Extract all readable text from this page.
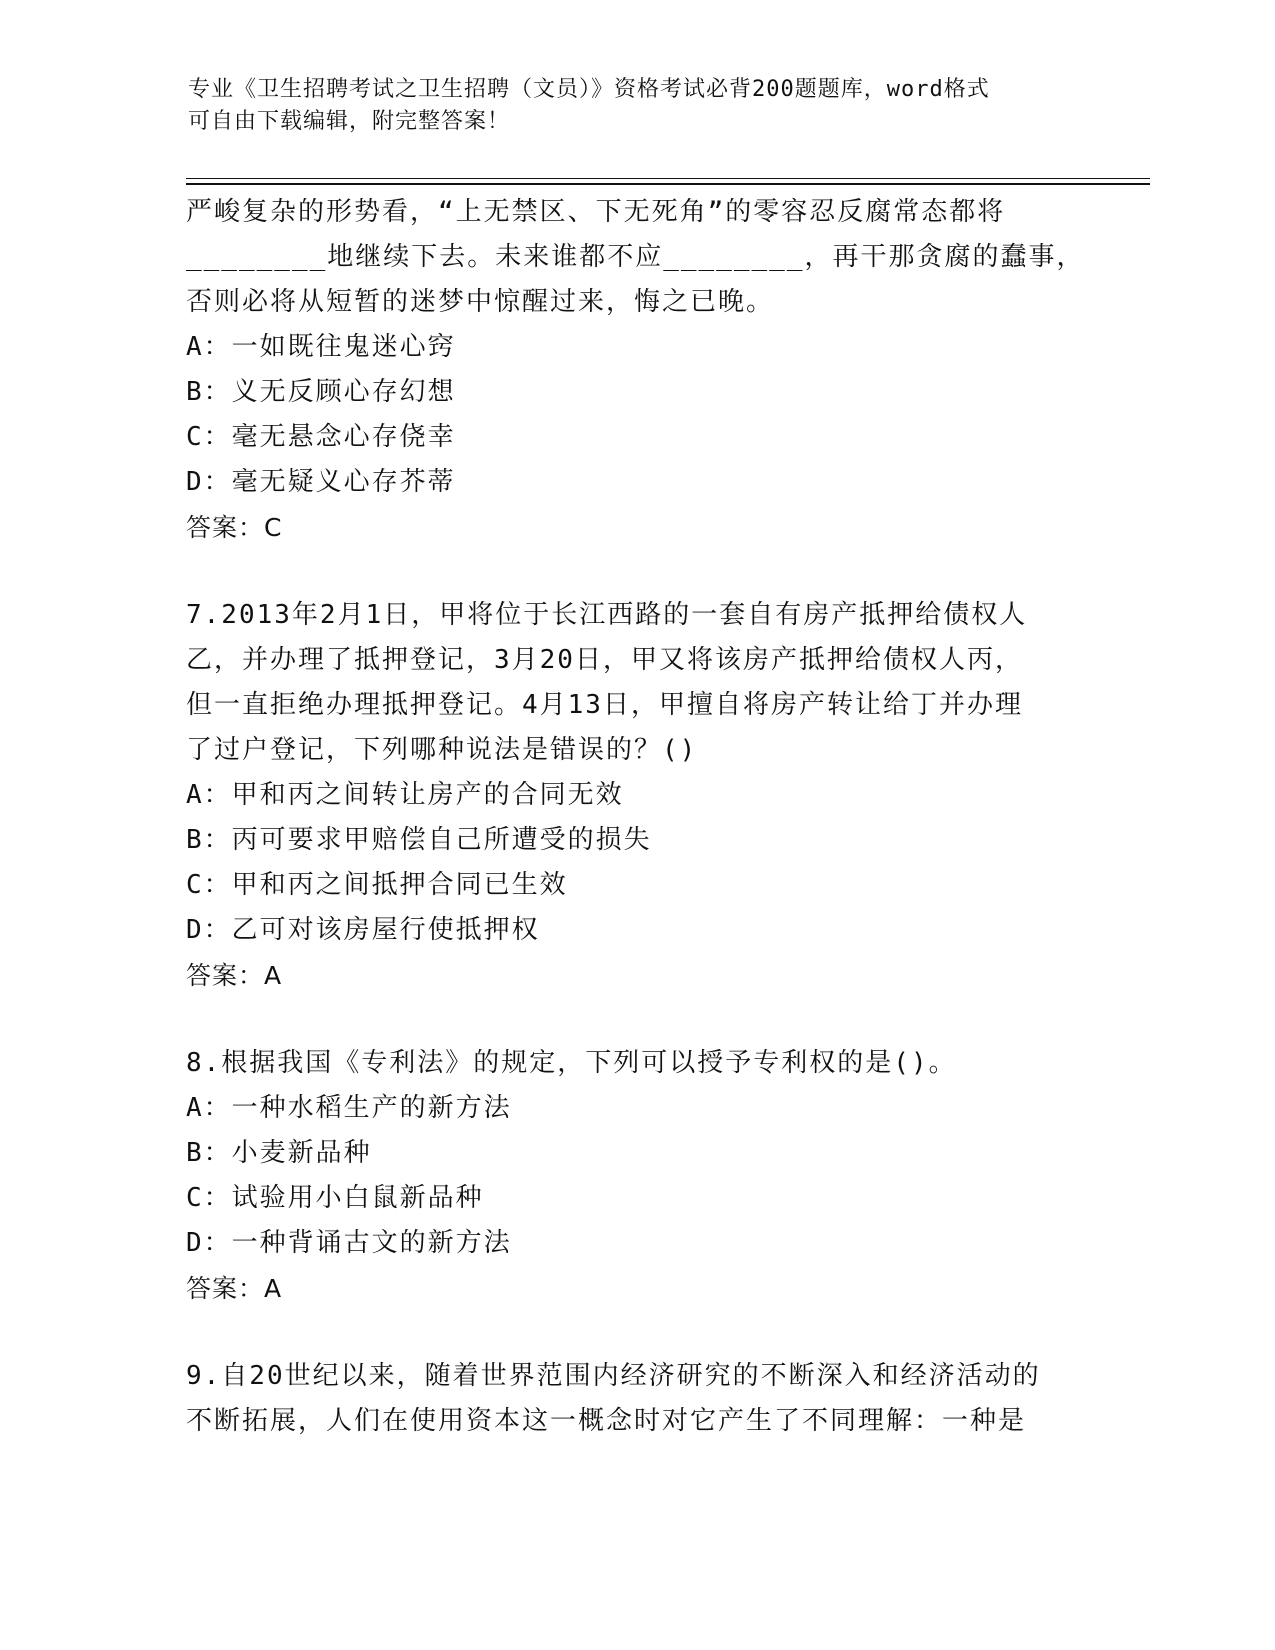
专业《卫生招聘考试之卫生招聘（文员）》资格考试必背200题题库，word格式
可自由下载编辑，附完整答案！
严峻复杂的形势看，“上无禁区、下无死角”的零容忍反腐常态都将
________地继续下去。未来谁都不应________，再干那贪腐的蠢事，
否则必将从短暂的迷梦中惊醒过来，悔之已晚。
A：一如既往鬼迷心窍
B：义无反顾心存幻想
C：毫无悬念心存侥幸
D：毫无疑义心存芥蒂
答案：C
7.2013年2月1日，甲将位于长江西路的一套自有房产抵押给债权人
乙，并办理了抵押登记，3月20日，甲又将该房产抵押给债权人丙，
但一直拒绝办理抵押登记。4月13日，甲擅自将房产转让给丁并办理
了过户登记，下列哪种说法是错误的？()
A：甲和丙之间转让房产的合同无效
B：丙可要求甲赔偿自己所遭受的损失
C：甲和丙之间抵押合同已生效
D：乙可对该房屋行使抵押权
答案：A
8.根据我国《专利法》的规定，下列可以授予专利权的是()。
A：一种水稻生产的新方法
B：小麦新品种
C：试验用小白鼠新品种
D：一种背诵古文的新方法
答案：A
9.自20世纪以来，随着世界范围内经济研究的不断深入和经济活动的
不断拓展，人们在使用资本这一概念时对它产生了不同理解：一种是
